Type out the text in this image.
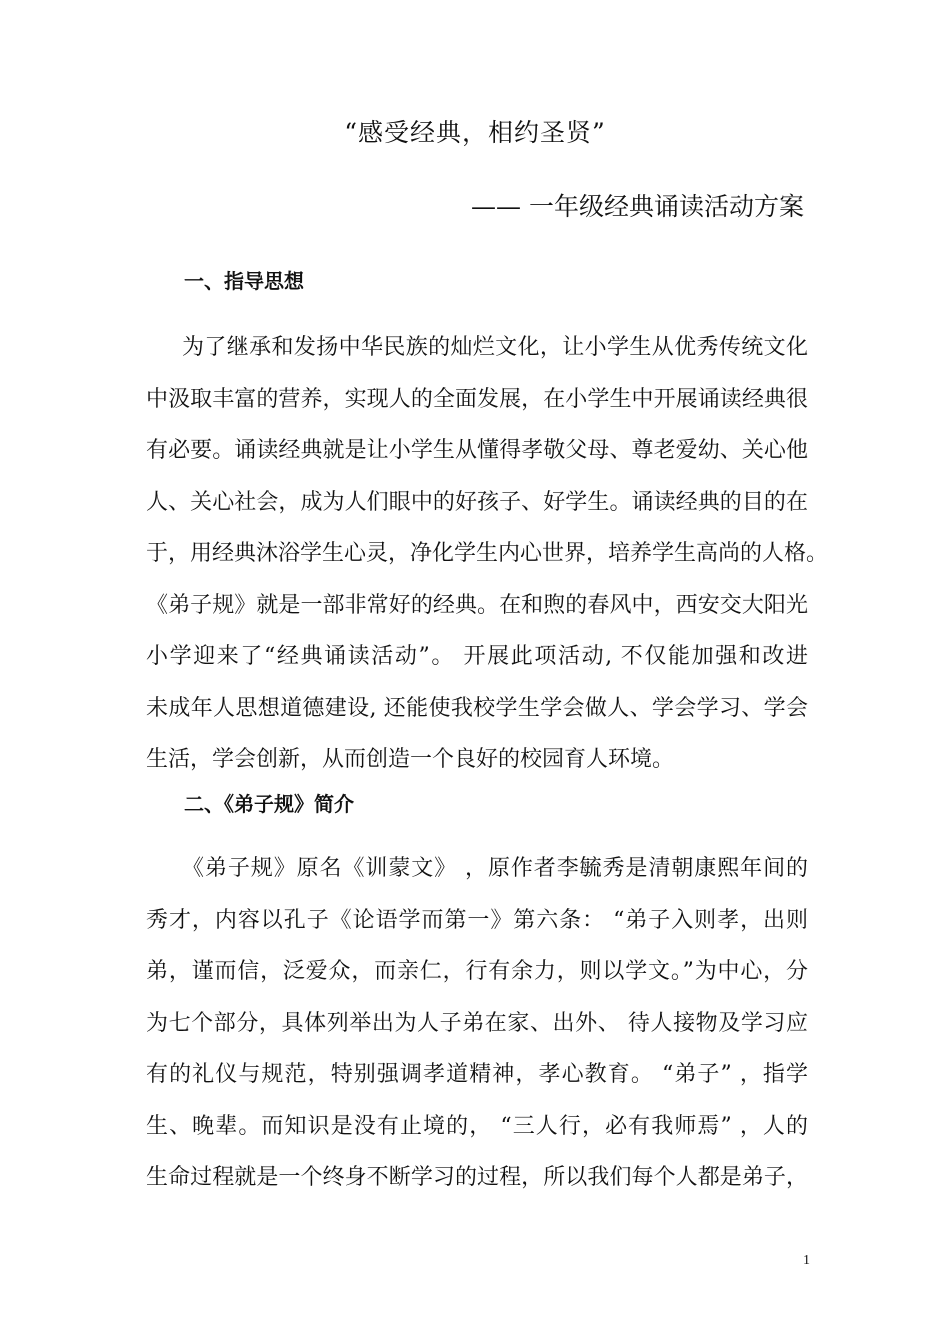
“感受经典，相约圣贤”
—— 一年级经典诵读活动方案
一、指导思想
为了继承和发扬中华民族的灿烂文化，让小学生从优秀传统文化
中汲取丰富的营养，实现人的全面发展，在小学生中开展诵读经典很
有必要。诵读经典就是让小学生从懂得孝敬父母、尊老爱幼、关心他
人、关心社会，成为人们眼中的好孩子、好学生。诵读经典的目的在
于，用经典沐浴学生心灵，净化学生内心世界，培养学生高尚的人格。
《弟子规》就是一部非常好的经典。在和煦的春风中，西安交大阳光
小学迎来了“经典诵读活动”。 开展此项活动, 不仅能加强和改进
未成年人思想道德建设, 还能使我校学生学会做人、学会学习、学会
生活，学会创新，从而创造一个良好的校园育人环境。
二、《弟子规》简介
《弟子规》原名《训蒙文》 ，原作者李毓秀是清朝康熙年间的
秀才，内容以孔子《论语学而第一》第六条： “弟子入则孝，出则
弟，谨而信，泛爱众，而亲仁，行有余力，则以学文。”为中心，分
为七个部分，具体列举出为人子弟在家、出外、 待人接物及学习应
有的礼仪与规范，特别强调孝道精神，孝心教育。 “弟子” ，指学
生、晚辈。而知识是没有止境的， “三人行，必有我师焉” ，人的
生命过程就是一个终身不断学习的过程，所以我们每个人都是弟子，
1
